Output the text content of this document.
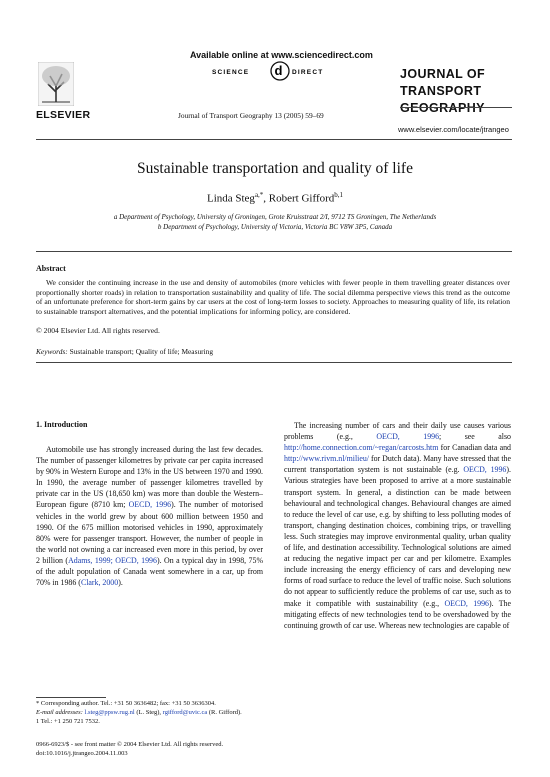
Available online at www.sciencedirect.com
SCIENCE d DIRECT
ELSEVIER	Journal of Transport Geography 13 (2005) 59–69
JOURNAL OF
TRANSPORT
GEOGRAPHY
www.elsevier.com/locate/jtrangeo
Sustainable transportation and quality of life
Linda Steg$^{a,*}$, Robert Gifford$^{b,1}$
a Department of Psychology, University of Groningen, Grote Kruisstraat 2/I, 9712 TS Groningen, The Netherlands
b Department of Psychology, University of Victoria, Victoria BC V8W 3P5, Canada
Abstract
We consider the continuing increase in the use and density of automobiles (more vehicles with fewer people in them travelling greater distances over proportionally shorter roads) in relation to transportation sustainability and quality of life. The social dilemma perspective views this trend as the outcome of an unfortunate preference for short-term gains by car users at the cost of long-term losses to society. Approaches to measuring quality of life, its relation to sustainable transport alternatives, and the potential implications for informing policy, are considered.
© 2004 Elsevier Ltd. All rights reserved.
Keywords: Sustainable transport; Quality of life; Measuring
1. Introduction

Automobile use has strongly increased during the last few decades. The number of passenger kilometres by private car per capita increased by 90% in Western Europe and 13% in the US between 1970 and 1990. In 1990, the average number of passenger kilometres travelled by private car in the US (18,650 km) was more than double the Western–European figure (8710 km; OECD, 1996). The number of motorised vehicles in the world grew by about 600 million between 1950 and 1990. Of the 675 million motorised vehicles in 1990, approximately 80% were for passenger transport. However, the number of people in the world not owning a car increased even more in this period, by over 2 billion (Adams, 1999; OECD, 1996). On a typical day in 1998, 75% of the adult population of Canada went somewhere in a car, up from 70% in 1986 (Clark, 2000).

The increasing number of cars and their daily use causes various problems (e.g., OECD, 1996; see also http://home.connection.com/~regan/carcosts.htm for Canadian data and http://www.rivm.nl/milieu/ for Dutch data). Many have stressed that the current transportation system is not sustainable (e.g. OECD, 1996). Various strategies have been proposed to arrive at a more sustainable transport system. In general, a distinction can be made between behavioural and technological changes. Behavioural changes are aimed to reduce the level of car use, e.g. by shifting to less polluting modes of transport, changing destination choices, combining trips, or travelling less. Such strategies may improve environmental quality, urban quality of life, and destination accessibility. Technological solutions are aimed at reducing the negative impact per car and per kilometre. Examples include increasing the energy efficiency of cars and developing new forms of road surface to reduce the level of traffic noise. Such solutions do not appear to sufficiently reduce the problems of car use, such as to make it compatible with sustainability (e.g., OECD, 1996). The mitigating effects of new technologies tend to be overshadowed by the continuing growth of car use. Whereas new technologies are capable of

* Corresponding author. Tel.: +31 50 3636482; fax: +31 50 3636304.

E-mail addresses: l.steg@ppsw.rug.nl (L. Steg), rgifford@uvic.ca (R. Gifford).

1 Tel.: +1 250 721 7532.

0966-6923/$ - see front matter © 2004 Elsevier Ltd. All rights reserved.
doi:10.1016/j.jtrangeo.2004.11.003
